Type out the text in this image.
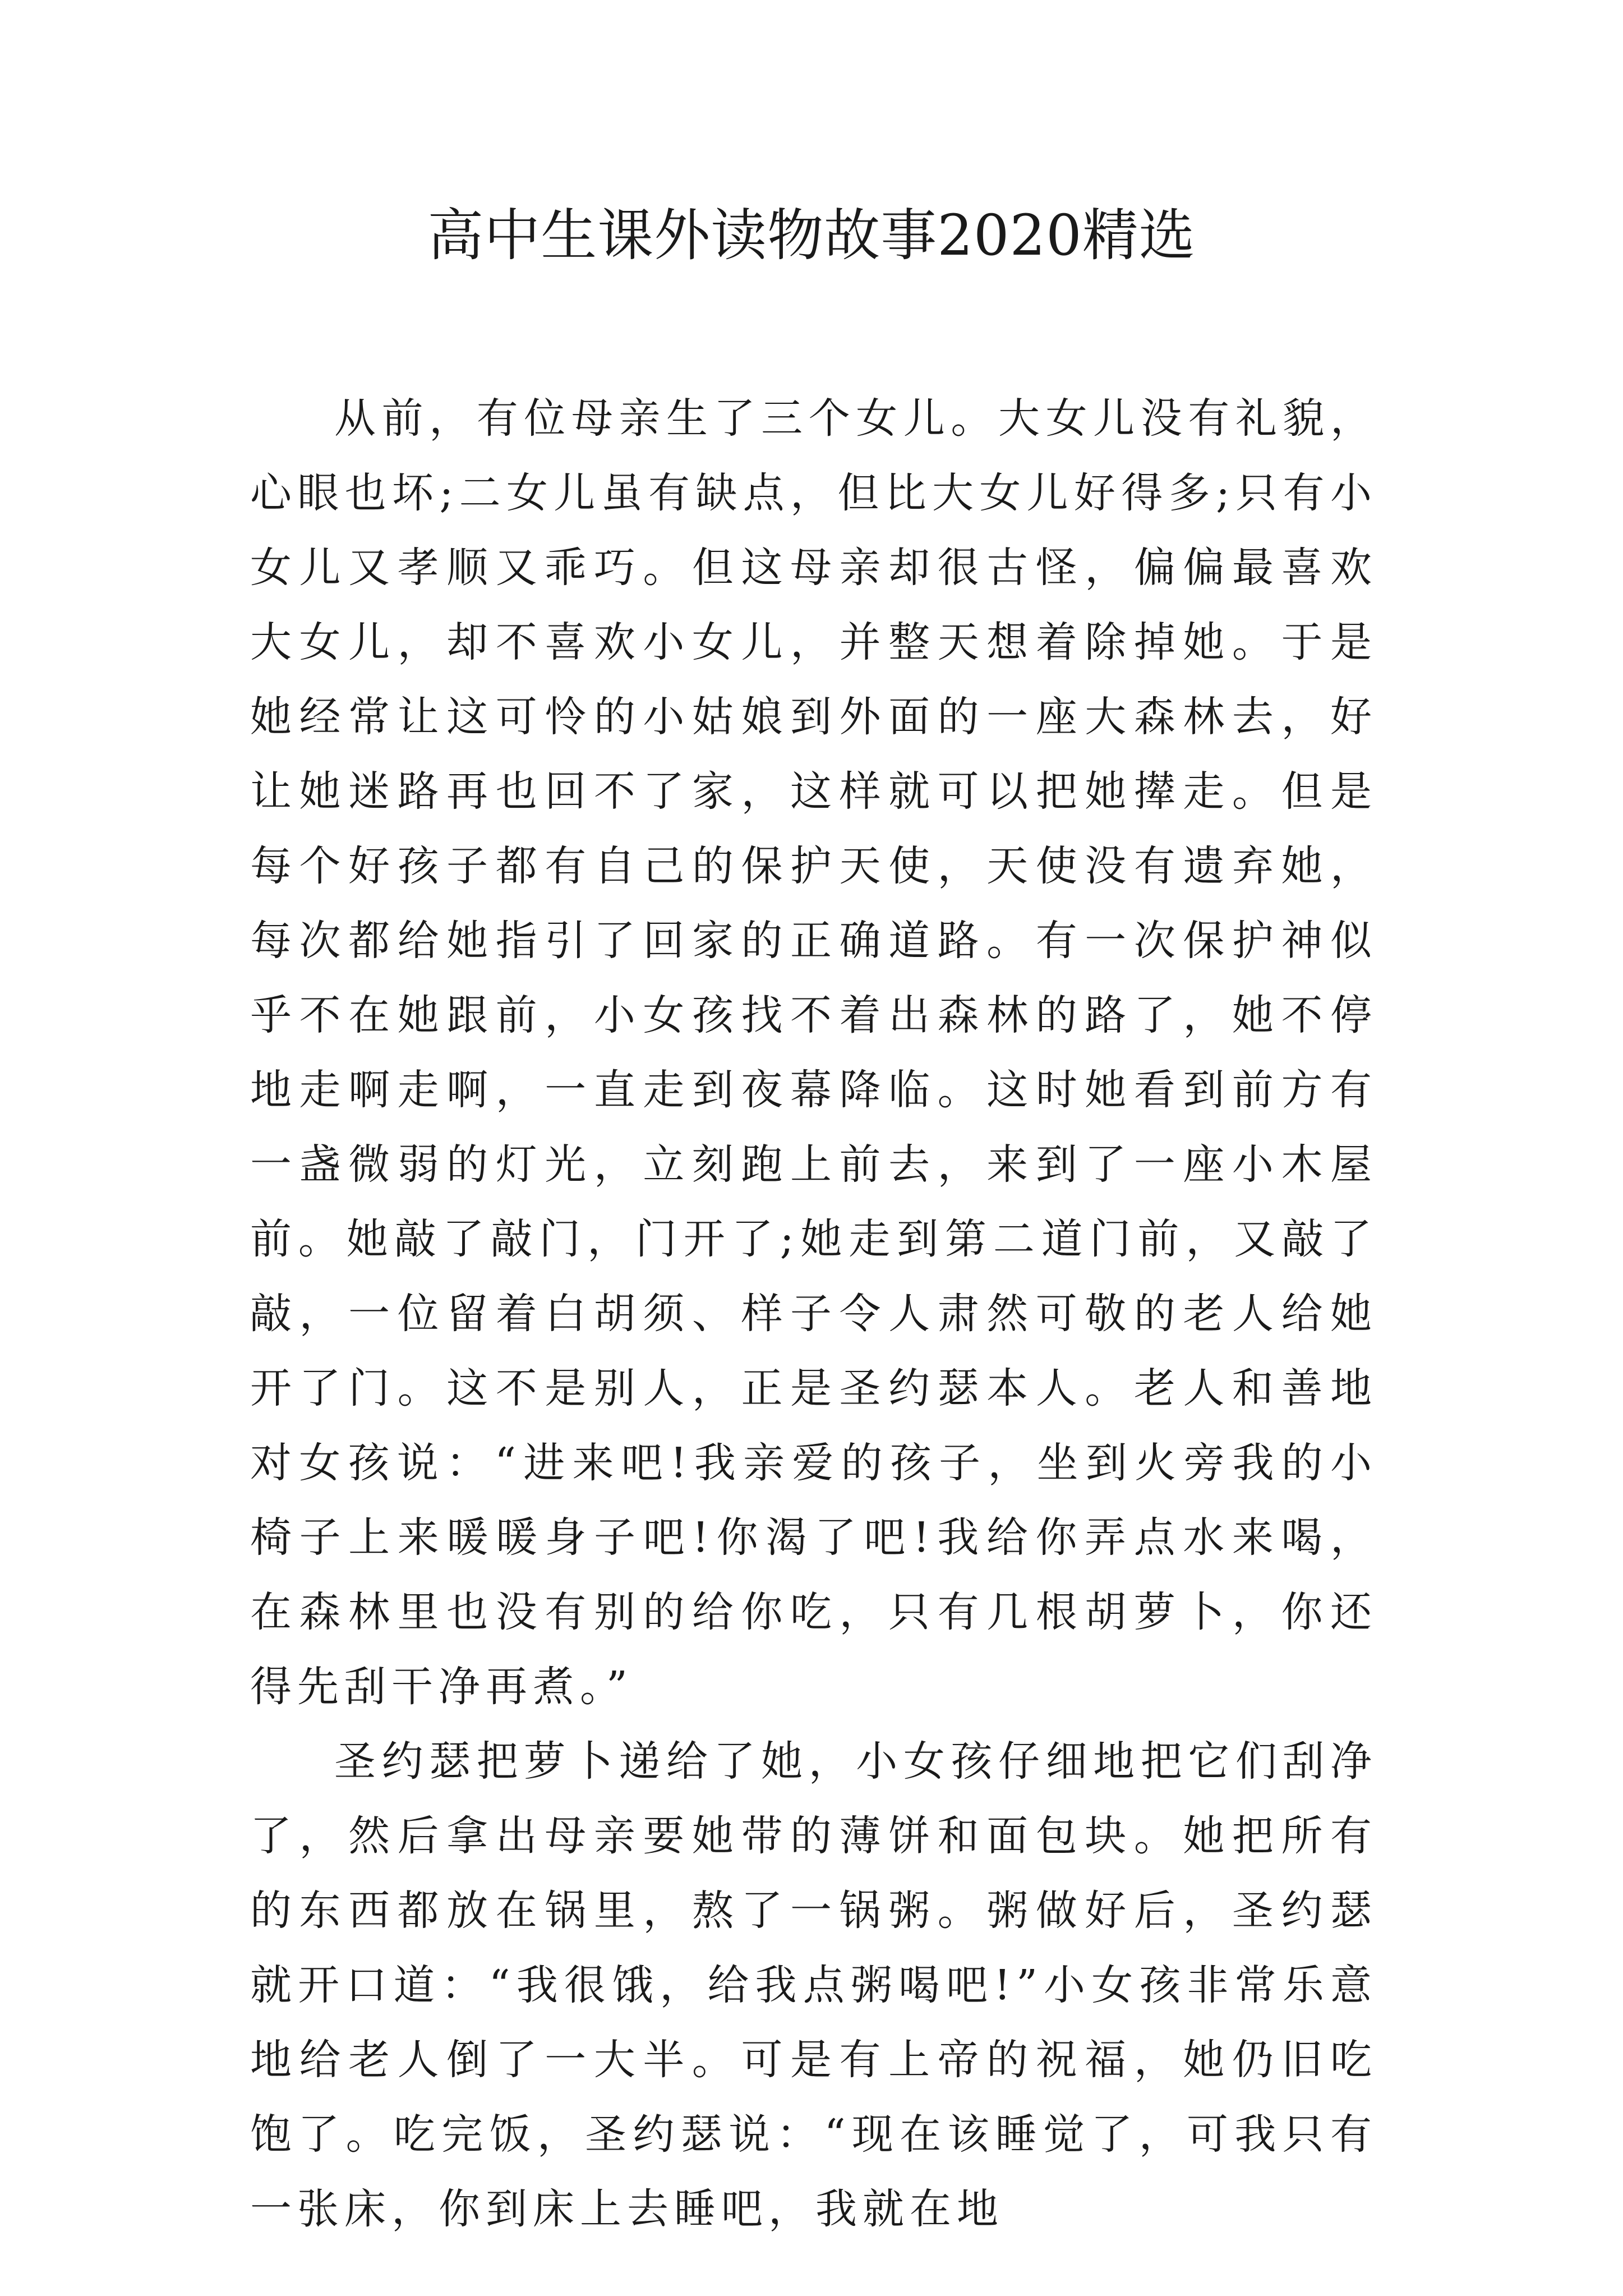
高中生课外读物故事2020精选

从前，有位母亲生了三个女儿。大女儿没有礼貌，心眼也坏;二女儿虽有缺点，但比大女儿好得多;只有小女儿又孝顺又乖巧。但这母亲却很古怪，偏偏最喜欢大女儿，却不喜欢小女儿，并整天想着除掉她。于是她经常让这可怜的小姑娘到外面的一座大森林去，好让她迷路再也回不了家，这样就可以把她撵走。但是每个好孩子都有自己的保护天使，天使没有遗弃她，每次都给她指引了回家的正确道路。有一次保护神似乎不在她跟前，小女孩找不着出森林的路了，她不停地走啊走啊，一直走到夜幕降临。这时她看到前方有一盏微弱的灯光，立刻跑上前去，来到了一座小木屋前。她敲了敲门，门开了;她走到第二道门前，又敲了敲，一位留着白胡须、样子令人肃然可敬的老人给她开了门。这不是别人，正是圣约瑟本人。老人和善地对女孩说：“进来吧!我亲爱的孩子，坐到火旁我的小椅子上来暖暖身子吧!你渴了吧!我给你弄点水来喝，在森林里也没有别的给你吃，只有几根胡萝卜，你还得先刮干净再煮。”

圣约瑟把萝卜递给了她，小女孩仔细地把它们刮净了，然后拿出母亲要她带的薄饼和面包块。她把所有的东西都放在锅里，熬了一锅粥。粥做好后，圣约瑟就开口道：“我很饿，给我点粥喝吧!”小女孩非常乐意地给老人倒了一大半。可是有上帝的祝福，她仍旧吃饱了。吃完饭，圣约瑟说：“现在该睡觉了，可我只有一张床，你到床上去睡吧，我就在地
